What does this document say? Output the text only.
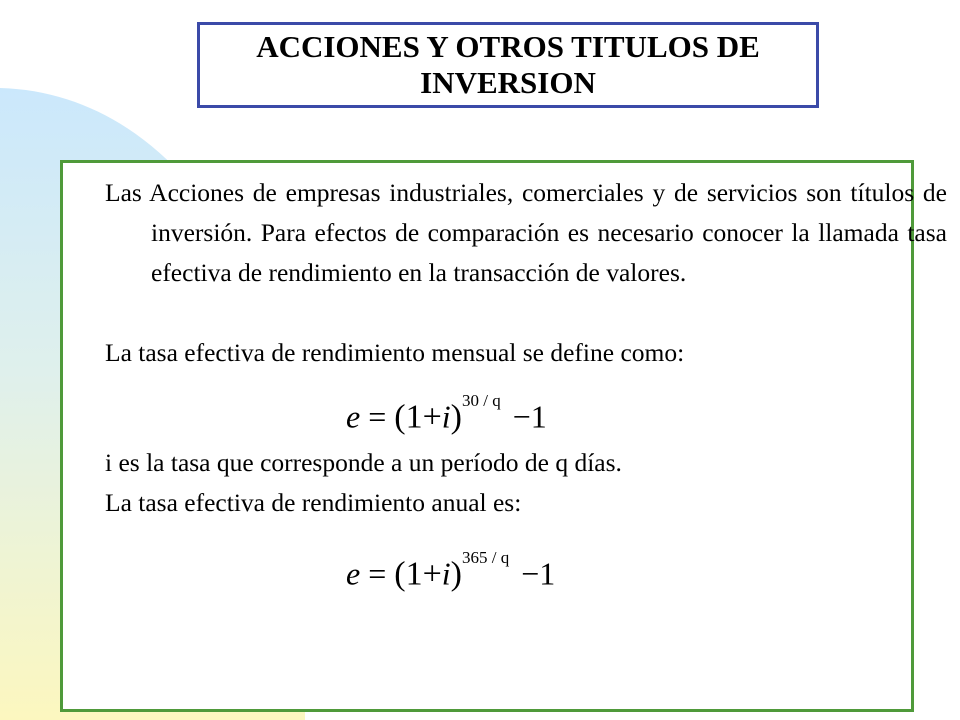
ACCIONES Y OTROS TITULOS DE INVERSION
Las Acciones de empresas industriales, comerciales y de servicios son títulos de inversión. Para efectos de comparación es necesario conocer la llamada tasa efectiva de rendimiento en la transacción de valores.
La tasa efectiva de rendimiento mensual se define como:
$e = (1+i)^{30 / q} -1$
i es la tasa que corresponde a un período de q días.
La tasa efectiva de rendimiento anual es:
$e = (1+i)^{365 / q} -1$
